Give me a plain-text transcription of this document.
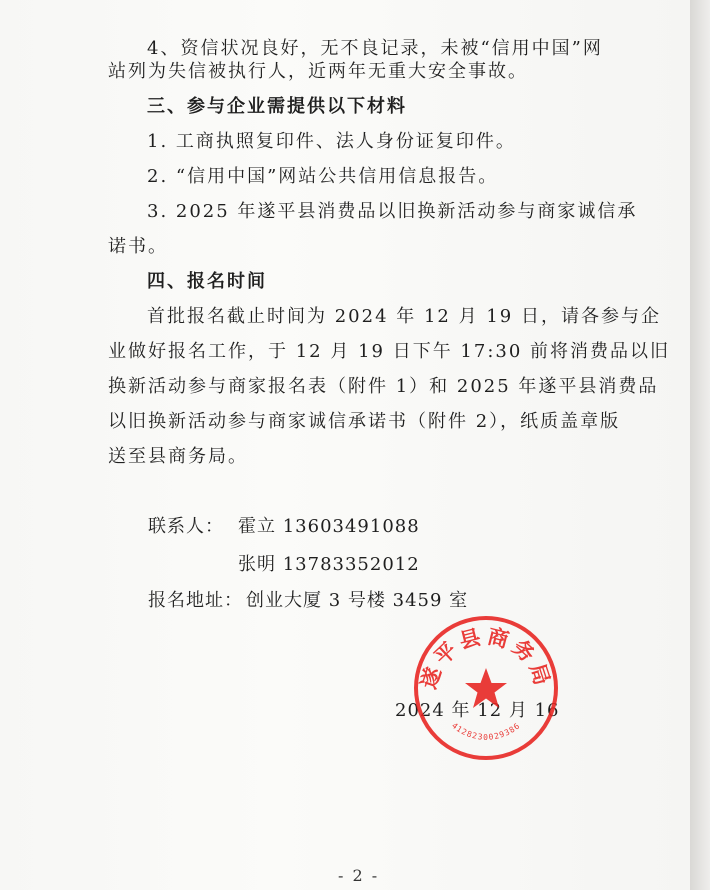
4、资信状况良好，无不良记录，未被“信用中国”网
站列为失信被执行人，近两年无重大安全事故。
三、参与企业需提供以下材料
1. 工商执照复印件、法人身份证复印件。
2. “信用中国”网站公共信用信息报告。
3. 2025 年遂平县消费品以旧换新活动参与商家诚信承
诺书。
四、报名时间
首批报名截止时间为 2024 年 12 月 19 日，请各参与企
业做好报名工作，于 12 月 19 日下午 17:30 前将消费品以旧
换新活动参与商家报名表（附件 1）和 2025 年遂平县消费品
以旧换新活动参与商家诚信承诺书（附件 2），纸质盖章版
送至县商务局。
联系人： 霍立 13603491088
张明 13783352012
报名地址： 创业大厦 3 号楼 3459 室
2024 年 12 月 16
遂平县商务局
4128230029386
- 2 -
